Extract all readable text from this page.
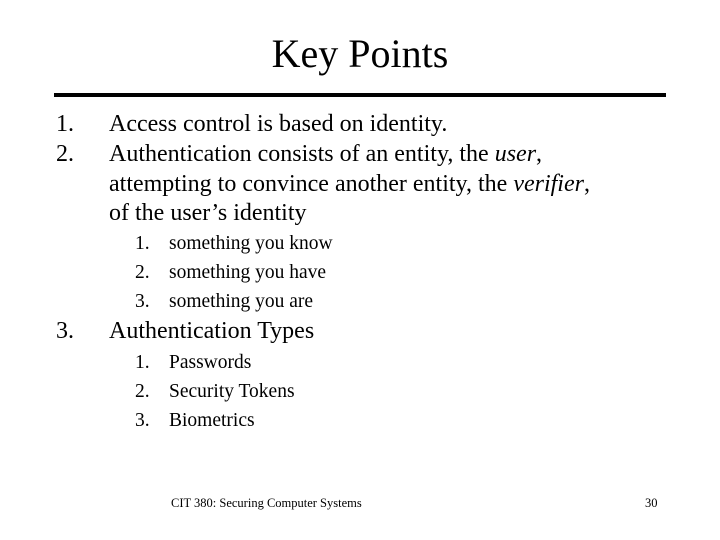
Key Points
1. Access control is based on identity.
2. Authentication consists of an entity, the user,
attempting to convince another entity, the verifier,
of the user’s identity
1. something you know
2. something you have
3. something you are
3. Authentication Types
1. Passwords
2. Security Tokens
3. Biometrics
CIT 380: Securing Computer Systems	30
